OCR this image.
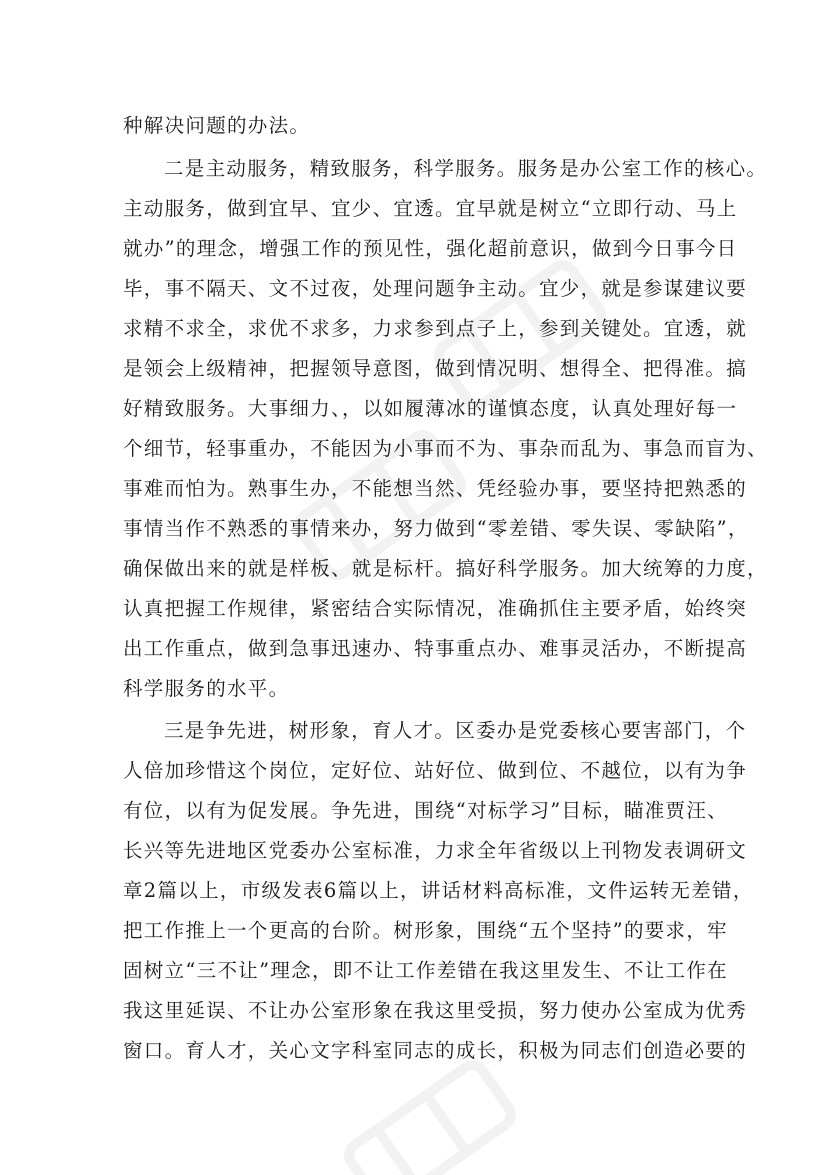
种解决问题的办法。
二是主动服务，精致服务，科学服务。服务是办公室工作的核心。
主动服务，做到宜早、宜少、宜透。宜早就是树立“立即行动、马上
就办”的理念，增强工作的预见性，强化超前意识，做到今日事今日
毕，事不隔天、文不过夜，处理问题争主动。宜少，就是参谋建议要
求精不求全，求优不求多，力求参到点子上，参到关键处。宜透，就
是领会上级精神，把握领导意图，做到情况明、想得全、把得准。搞
好精致服务。大事细力、，以如履薄冰的谨慎态度，认真处理好每一
个细节，轻事重办，不能因为小事而不为、事杂而乱为、事急而盲为、
事难而怕为。熟事生办，不能想当然、凭经验办事，要坚持把熟悉的
事情当作不熟悉的事情来办，努力做到“零差错、零失误、零缺陷”，
确保做出来的就是样板、就是标杆。搞好科学服务。加大统筹的力度，
认真把握工作规律，紧密结合实际情况，准确抓住主要矛盾，始终突
出工作重点，做到急事迅速办、特事重点办、难事灵活办，不断提高
科学服务的水平。
三是争先进，树形象，育人才。区委办是党委核心要害部门，个
人倍加珍惜这个岗位，定好位、站好位、做到位、不越位，以有为争
有位，以有为促发展。争先进，围绕“对标学习”目标，瞄准贾汪、
长兴等先进地区党委办公室标准，力求全年省级以上刊物发表调研文
章2篇以上，市级发表6篇以上，讲话材料高标准，文件运转无差错，
把工作推上一个更高的台阶。树形象，围绕“五个坚持”的要求，牢
固树立“三不让”理念，即不让工作差错在我这里发生、不让工作在
我这里延误、不让办公室形象在我这里受损，努力使办公室成为优秀
窗口。育人才，关心文字科室同志的成长，积极为同志们创造必要的
